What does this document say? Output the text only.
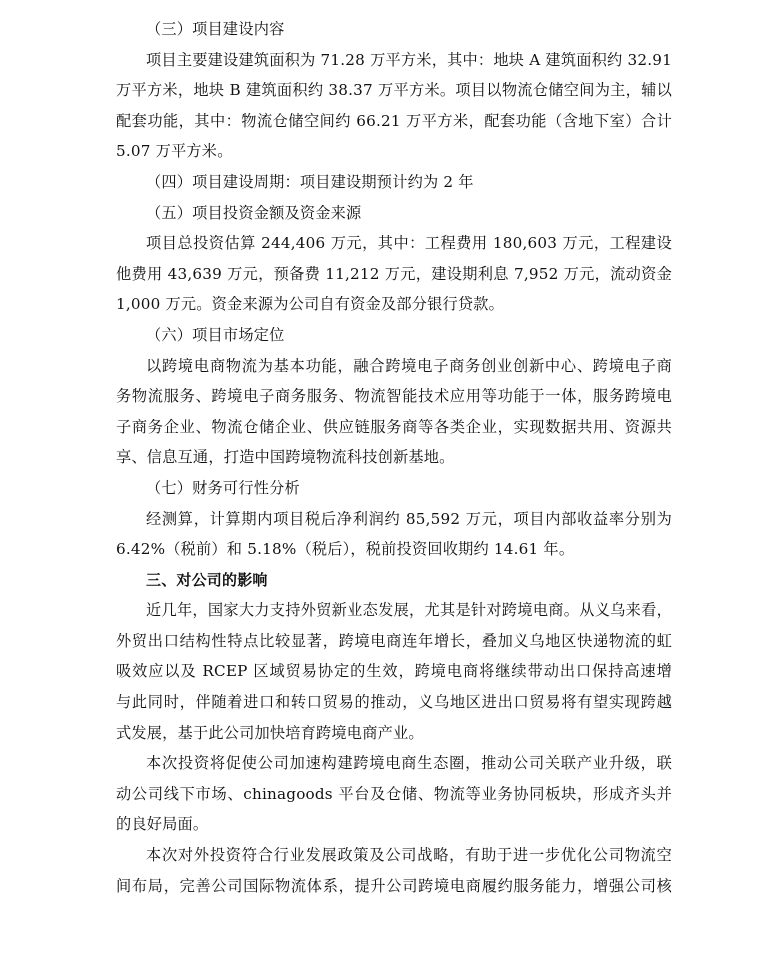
（三）项目建设内容
项目主要建设建筑面积为 71.28 万平方米，其中：地块 A 建筑面积约 32.91
万平方米，地块 B 建筑面积约 38.37 万平方米。项目以物流仓储空间为主，辅以
配套功能，其中：物流仓储空间约 66.21 万平方米，配套功能（含地下室）合计
5.07 万平方米。
（四）项目建设周期：项目建设期预计约为 2 年
（五）项目投资金额及资金来源
项目总投资估算 244,406 万元，其中：工程费用 180,603 万元，工程建设
他费用 43,639 万元，预备费 11,212 万元，建设期利息 7,952 万元，流动资金
1,000 万元。资金来源为公司自有资金及部分银行贷款。
（六）项目市场定位
以跨境电商物流为基本功能，融合跨境电子商务创业创新中心、跨境电子商
务物流服务、跨境电子商务服务、物流智能技术应用等功能于一体，服务跨境电
子商务企业、物流仓储企业、供应链服务商等各类企业，实现数据共用、资源共
享、信息互通，打造中国跨境物流科技创新基地。
（七）财务可行性分析
经测算，计算期内项目税后净利润约 85,592 万元，项目内部收益率分别为
6.42%（税前）和 5.18%（税后），税前投资回收期约 14.61 年。
三、对公司的影响
近几年，国家大力支持外贸新业态发展，尤其是针对跨境电商。从义乌来看，
外贸出口结构性特点比较显著，跨境电商连年增长，叠加义乌地区快递物流的虹
吸效应以及 RCEP 区域贸易协定的生效，跨境电商将继续带动出口保持高速增
与此同时，伴随着进口和转口贸易的推动，义乌地区进出口贸易将有望实现跨越
式发展，基于此公司加快培育跨境电商产业。
本次投资将促使公司加速构建跨境电商生态圈，推动公司关联产业升级，联
动公司线下市场、chinagoods 平台及仓储、物流等业务协同板块，形成齐头并
的良好局面。
本次对外投资符合行业发展政策及公司战略，有助于进一步优化公司物流空
间布局，完善公司国际物流体系，提升公司跨境电商履约服务能力，增强公司核
